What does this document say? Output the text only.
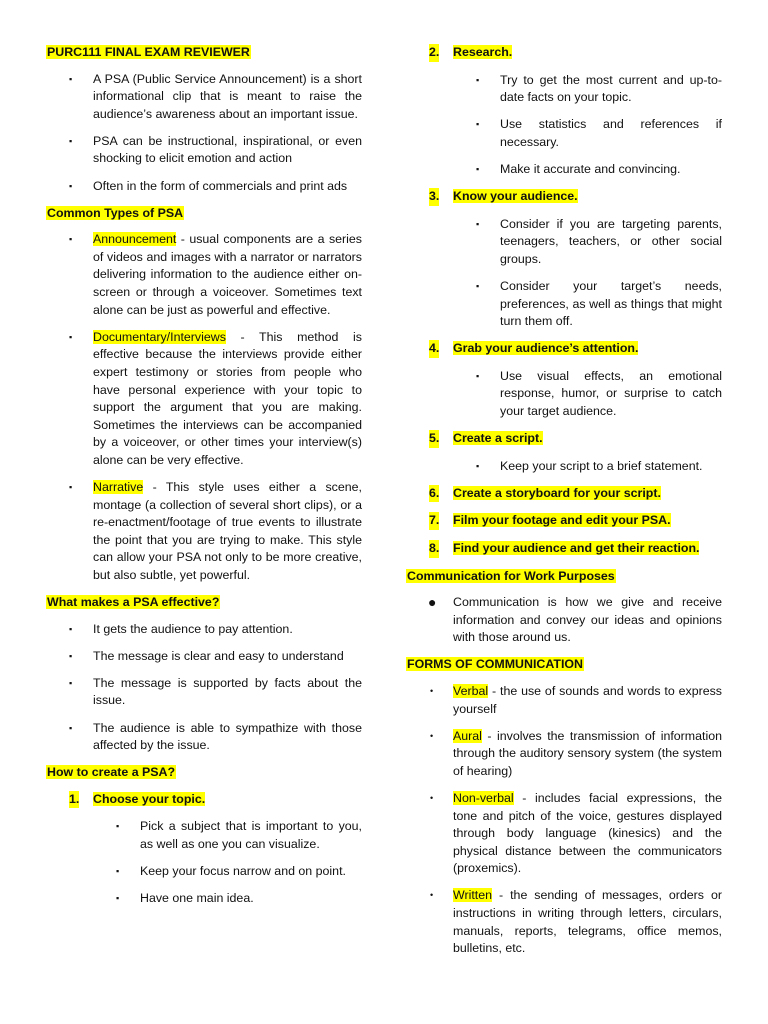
PURC111 FINAL EXAM REVIEWER
▪ A PSA (Public Service Announcement) is a short informational clip that is meant to raise the audience’s awareness about an important issue.
▪ PSA can be instructional, inspirational, or even shocking to elicit emotion and action
▪ Often in the form of commercials and print ads
Common Types of PSA
▪ Announcement - usual components are a series of videos and images with a narrator or narrators delivering information to the audience either on-screen or through a voiceover. Sometimes text alone can be just as powerful and effective.
▪ Documentary/Interviews - This method is effective because the interviews provide either expert testimony or stories from people who have personal experience with your topic to support the argument that you are making. Sometimes the interviews can be accompanied by a voiceover, or other times your interview(s) alone can be very effective.
▪ Narrative - This style uses either a scene, montage (a collection of several short clips), or a re-enactment/footage of true events to illustrate the point that you are trying to make. This style can allow your PSA not only to be more creative, but also subtle, yet powerful.
What makes a PSA effective?
▪ It gets the audience to pay attention.
▪ The message is clear and easy to understand
▪ The message is supported by facts about the issue.
▪ The audience is able to sympathize with those affected by the issue.
How to create a PSA?
1. Choose your topic.
▪ Pick a subject that is important to you, as well as one you can visualize.
▪ Keep your focus narrow and on point.
▪ Have one main idea.
2. Research.
▪ Try to get the most current and up-to-date facts on your topic.
▪ Use statistics and references if necessary.
▪ Make it accurate and convincing.
3. Know your audience.
▪ Consider if you are targeting parents, teenagers, teachers, or other social groups.
▪ Consider your target’s needs, preferences, as well as things that might turn them off.
4. Grab your audience’s attention.
▪ Use visual effects, an emotional response, humor, or surprise to catch your target audience.
5. Create a script.
▪ Keep your script to a brief statement.
6. Create a storyboard for your script.
7. Film your footage and edit your PSA.
8. Find your audience and get their reaction.
Communication for Work Purposes
● Communication is how we give and receive information and convey our ideas and opinions with those around us.
FORMS OF COMMUNICATION
• Verbal - the use of sounds and words to express yourself
• Aural - involves the transmission of information through the auditory sensory system (the system of hearing)
• Non-verbal - includes facial expressions, the tone and pitch of the voice, gestures displayed through body language (kinesics) and the physical distance between the communicators (proxemics).
• Written - the sending of messages, orders or instructions in writing through letters, circulars, manuals, reports, telegrams, office memos, bulletins, etc.
